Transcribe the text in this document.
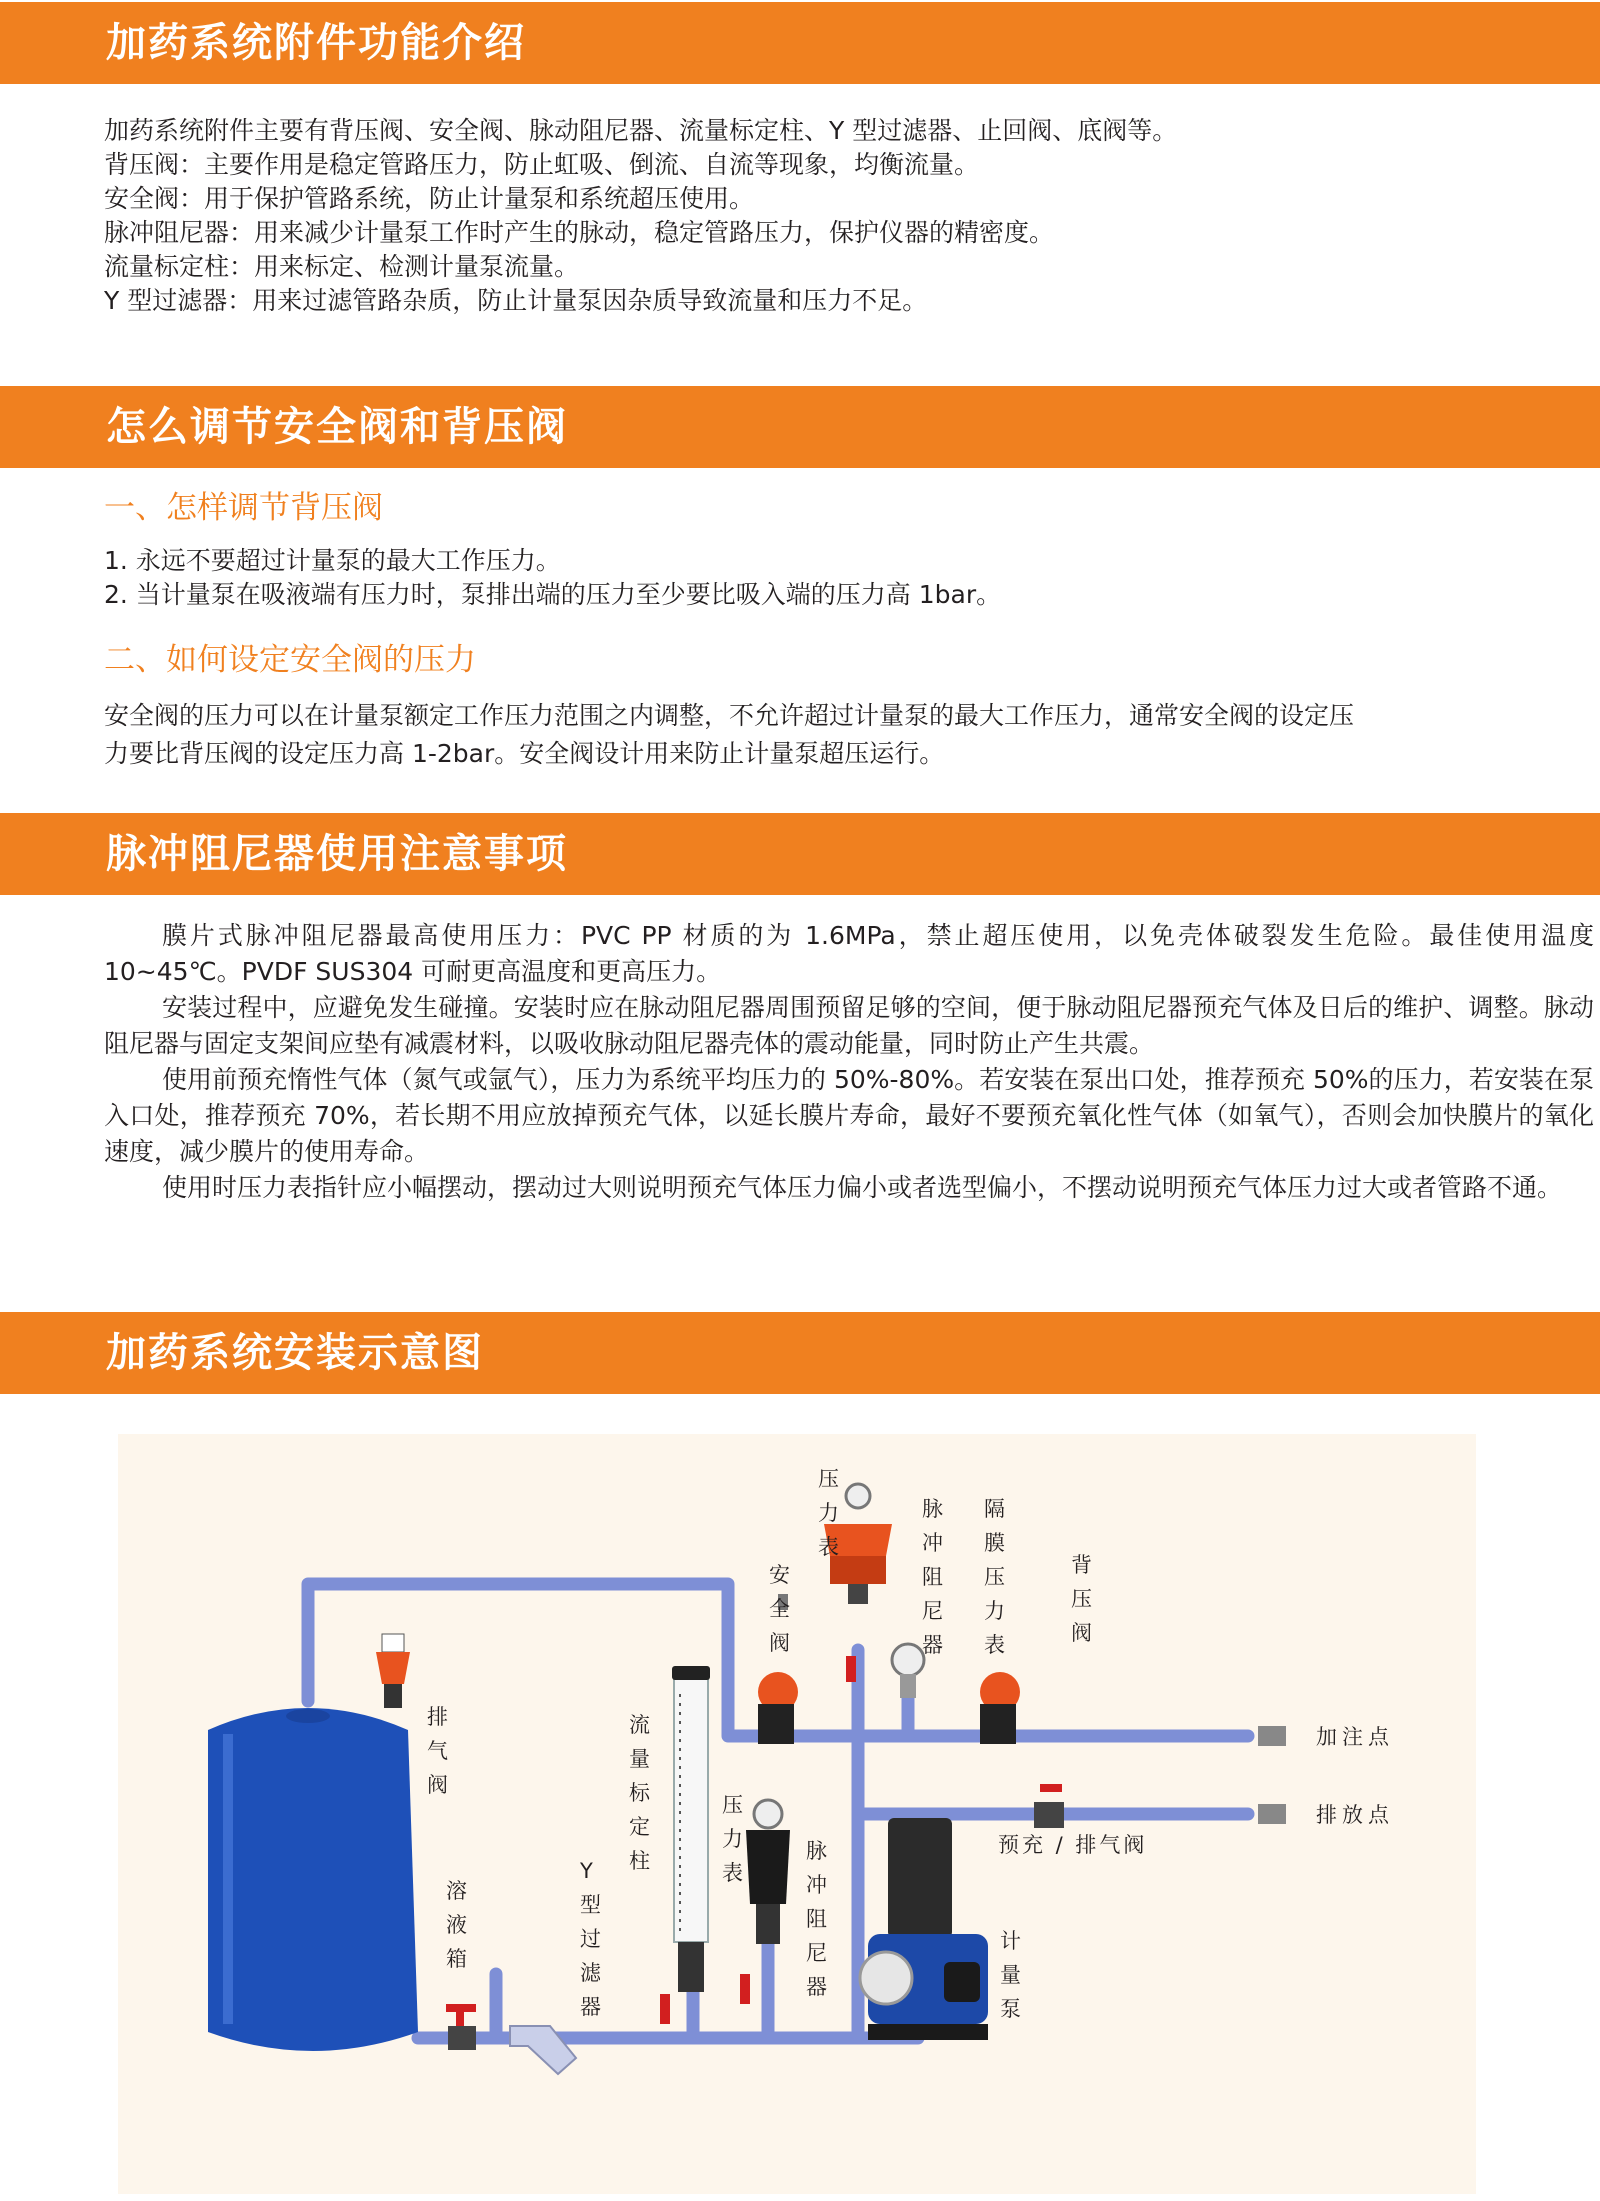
加药系统附件功能介绍

加药系统附件主要有背压阀、安全阀、脉动阻尼器、流量标定柱、Y 型过滤器、止回阀、底阀等。

背压阀：主要作用是稳定管路压力，防止虹吸、倒流、自流等现象，均衡流量。

安全阀：用于保护管路系统，防止计量泵和系统超压使用。

脉冲阻尼器：用来减少计量泵工作时产生的脉动，稳定管路压力，保护仪器的精密度。

流量标定柱：用来标定、检测计量泵流量。

Y 型过滤器：用来过滤管路杂质，防止计量泵因杂质导致流量和压力不足。

怎么调节安全阀和背压阀
一、怎样调节背压阀

1. 永远不要超过计量泵的最大工作压力。

2. 当计量泵在吸液端有压力时，泵排出端的压力至少要比吸入端的压力高 1bar。

二、如何设定安全阀的压力

安全阀的压力可以在计量泵额定工作压力范围之内调整，不允许超过计量泵的最大工作压力，通常安全阀的设定压

力要比背压阀的设定压力高 1-2bar。安全阀设计用来防止计量泵超压运行。

脉冲阻尼器使用注意事项

膜片式脉冲阻尼器最高使用压力：PVC PP 材质的为 1.6MPa，禁止超压使用，以免壳体破裂发生危险。最佳使用温度 10~45℃。PVDF SUS304 可耐更高温度和更高压力。

安装过程中，应避免发生碰撞。安装时应在脉动阻尼器周围预留足够的空间，便于脉动阻尼器预充气体及日后的维护、调整。脉动阻尼器与固定支架间应垫有减震材料，以吸收脉动阻尼器壳体的震动能量，同时防止产生共震。

使用前预充惰性气体（氮气或氩气），压力为系统平均压力的 50%-80%。若安装在泵出口处，推荐预充 50%的压力，若安装在泵入口处，推荐预充 70%，若长期不用应放掉预充气体，以延长膜片寿命，最好不要预充氧化性气体（如氧气），否则会加快膜片的氧化速度，减少膜片的使用寿命。

使用时压力表指针应小幅摆动，摆动过大则说明预充气体压力偏小或者选型偏小，不摆动说明预充气体压力过大或者管路不通。

加药系统安装示意图
压力表
脉冲阻尼器
隔膜压力表
背压阀
安全阀
排气阀
流量标定柱
压力表
脉冲阻尼器
溶液箱
Y 型过滤器
计量泵
加注点
排放点
预充 / 排气阀
